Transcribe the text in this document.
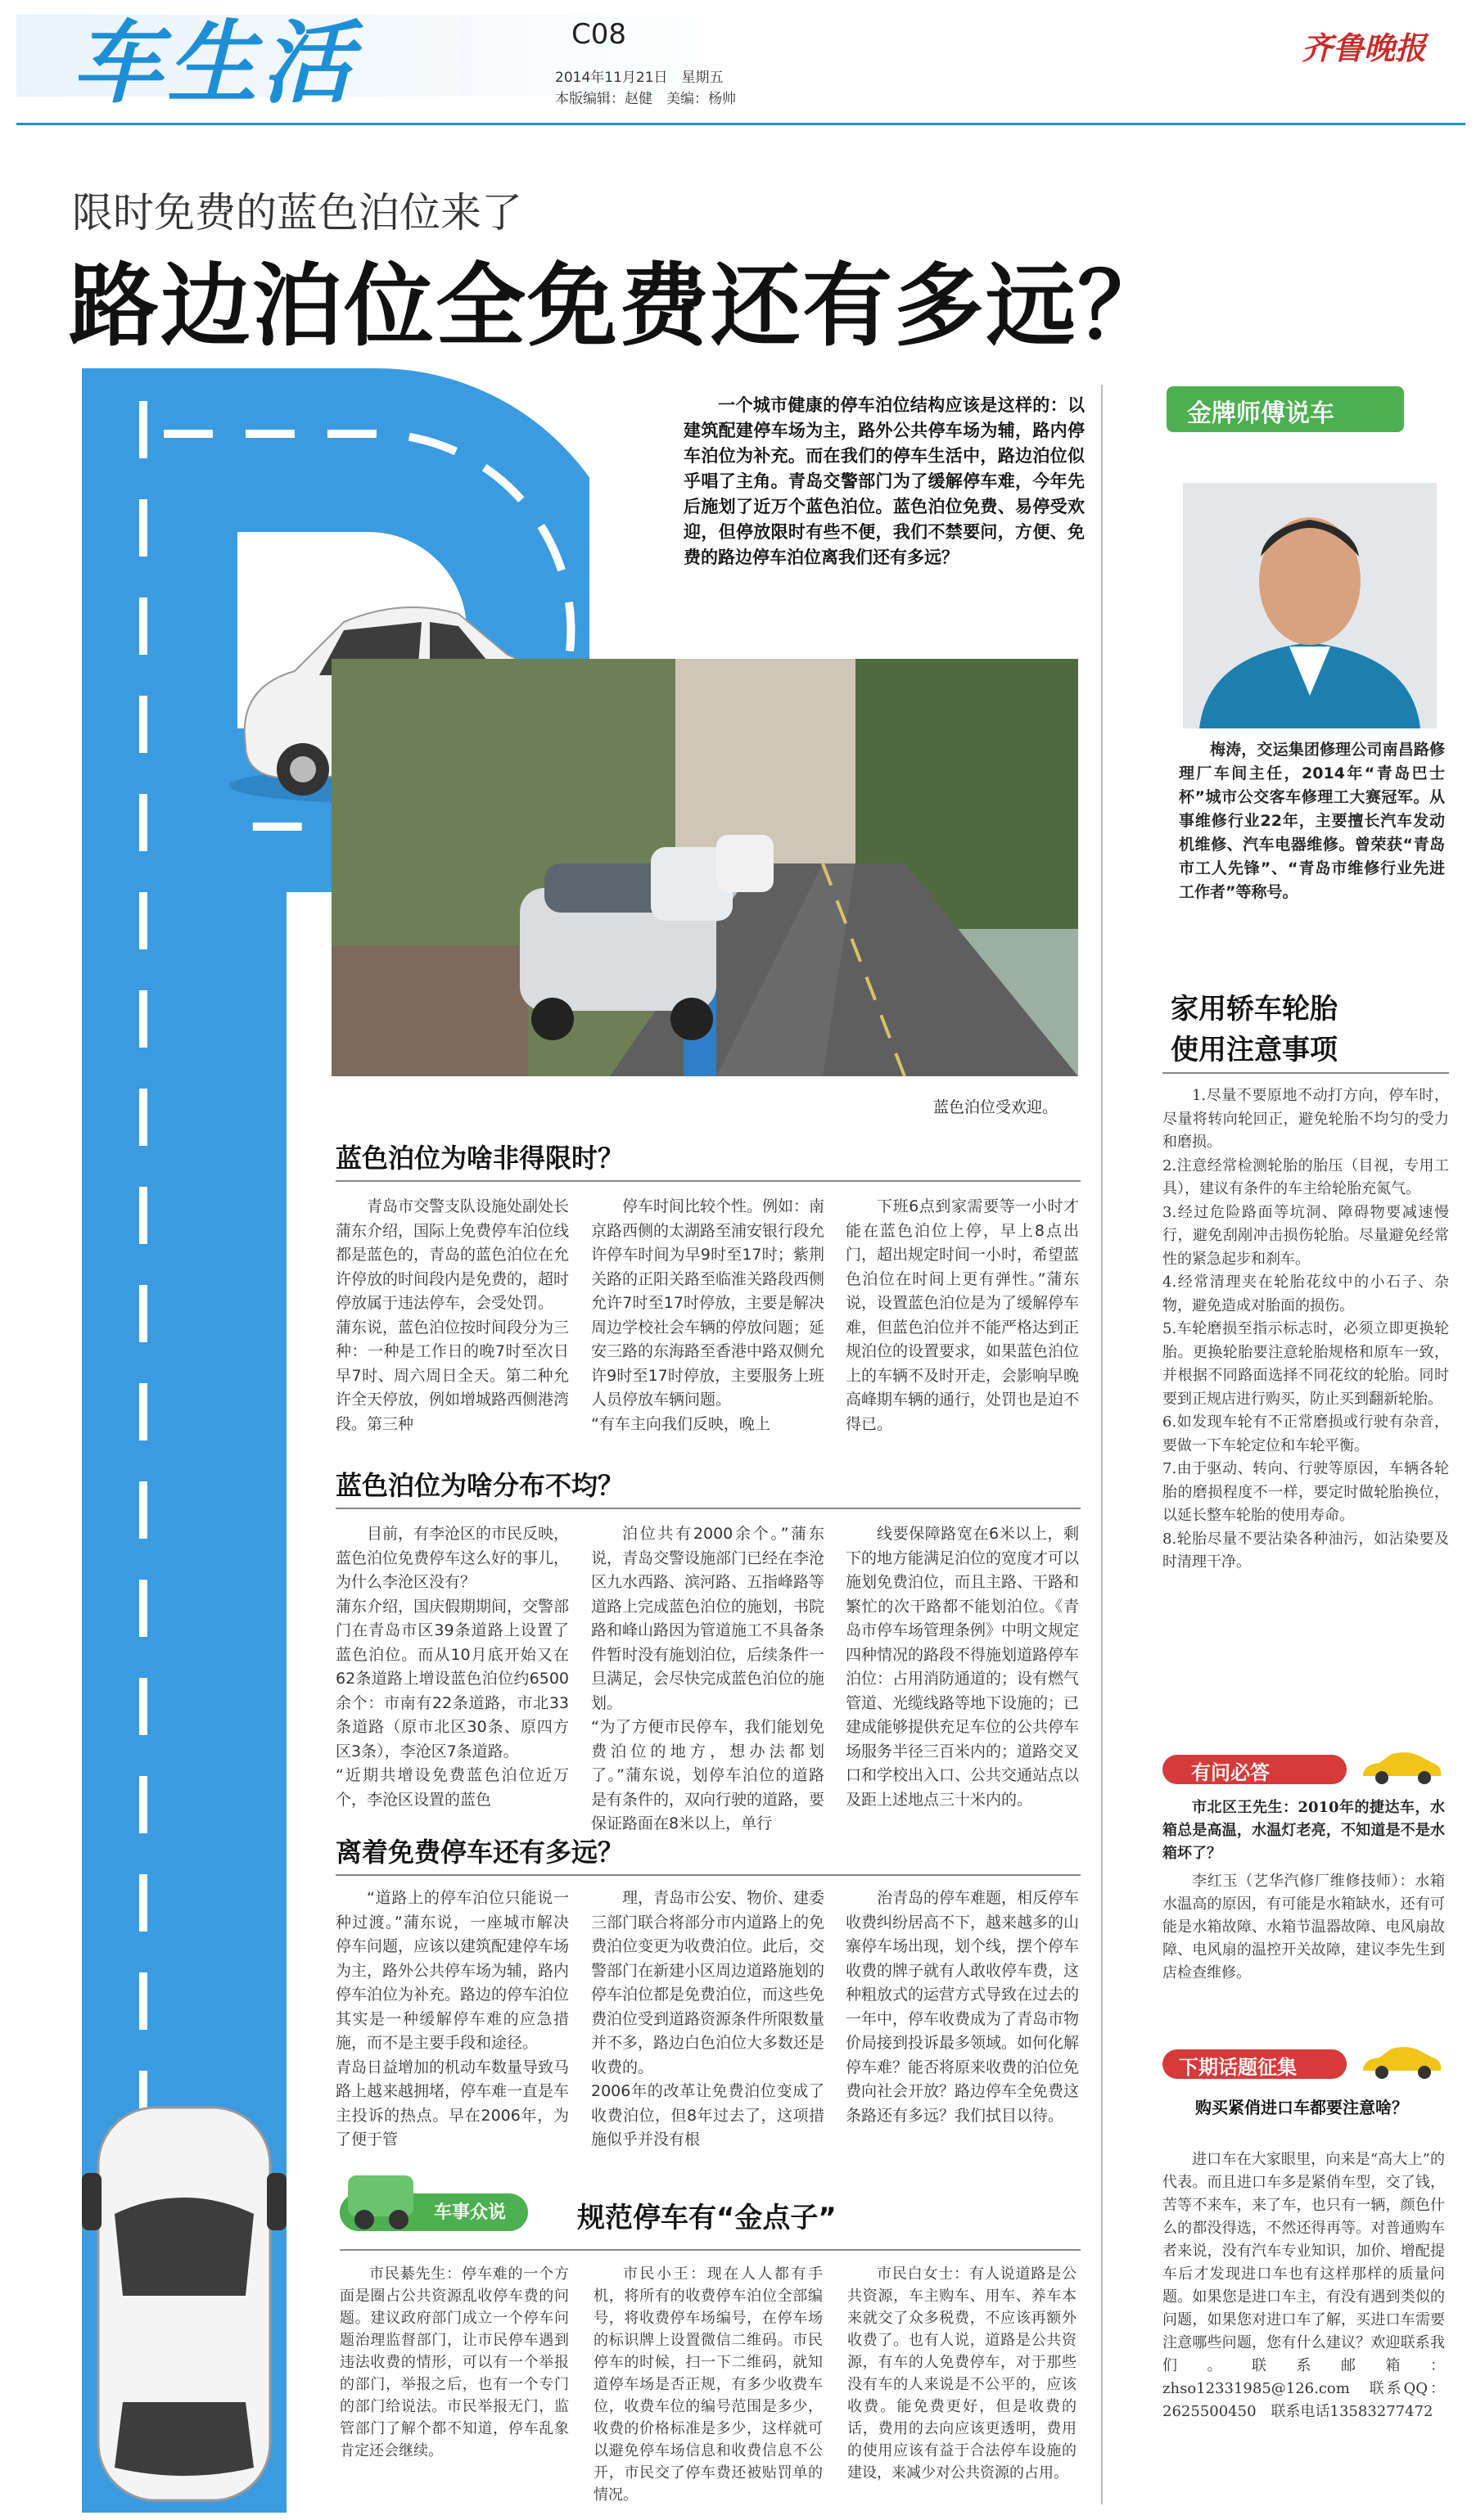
车生活	C08
2014年11月21日　星期五
本版编辑：赵健　美编：杨帅
齐鲁晚报
限时免费的蓝色泊位来了
路边泊位全免费还有多远？
一个城市健康的停车泊位结构应该是这样的：以建筑配建停车场为主，路外公共停车场为辅，路内停车泊位为补充。而在我们的停车生活中，路边泊位似乎唱了主角。青岛交警部门为了缓解停车难，今年先后施划了近万个蓝色泊位。蓝色泊位免费、易停受欢迎，但停放限时有些不便，我们不禁要问，方便、免费的路边停车泊位离我们还有多远？
蓝色泊位受欢迎。
蓝色泊位为啥非得限时？
青岛市交警支队设施处副处长蒲东介绍，国际上免费停车泊位线都是蓝色的，青岛的蓝色泊位在允许停放的时间段内是免费的，超时停放属于违法停车，会受处罚。
蒲东说，蓝色泊位按时间段分为三种：一种是工作日的晚7时至次日早7时、周六周日全天。第二种允许全天停放，例如增城路西侧港湾段。第三种
停车时间比较个性。例如：南京路西侧的太湖路至浦安银行段允许停车时间为早9时至17时；紫荆关路的正阳关路至临淮关路段西侧允许7时至17时停放，主要是解决周边学校社会车辆的停放问题；延安三路的东海路至香港中路双侧允许9时至17时停放，主要服务上班人员停放车辆问题。
“有车主向我们反映，晚上
下班6点到家需要等一小时才能在蓝色泊位上停，早上8点出门，超出规定时间一小时，希望蓝色泊位在时间上更有弹性。”蒲东说，设置蓝色泊位是为了缓解停车难，但蓝色泊位并不能严格达到正规泊位的设置要求，如果蓝色泊位上的车辆不及时开走，会影响早晚高峰期车辆的通行，处罚也是迫不得已。
蓝色泊位为啥分布不均？
目前，有李沧区的市民反映，蓝色泊位免费停车这么好的事儿，为什么李沧区没有？
蒲东介绍，国庆假期期间，交警部门在青岛市区39条道路上设置了蓝色泊位。而从10月底开始又在62条道路上增设蓝色泊位约6500余个：市南有22条道路，市北33条道路（原市北区30条、原四方区3条），李沧区7条道路。
“近期共增设免费蓝色泊位近万个，李沧区设置的蓝色
泊位共有2000余个。”蒲东说，青岛交警设施部门已经在李沧区九水西路、滨河路、五指峰路等道路上完成蓝色泊位的施划，书院路和峰山路因为管道施工不具备条件暂时没有施划泊位，后续条件一旦满足，会尽快完成蓝色泊位的施划。
“为了方便市民停车，我们能划免费泊位的地方，想办法都划了。”蒲东说，划停车泊位的道路是有条件的，双向行驶的道路，要保证路面在8米以上，单行
线要保障路宽在6米以上，剩下的地方能满足泊位的宽度才可以施划免费泊位，而且主路、干路和繁忙的次干路都不能划泊位。《青岛市停车场管理条例》中明文规定四种情况的路段不得施划道路停车泊位：占用消防通道的；设有燃气管道、光缆线路等地下设施的；已建成能够提供充足车位的公共停车场服务半径三百米内的；道路交叉口和学校出入口、公共交通站点以及距上述地点三十米内的。
离着免费停车还有多远？
“道路上的停车泊位只能说一种过渡。”蒲东说，一座城市解决停车问题，应该以建筑配建停车场为主，路外公共停车场为辅，路内停车泊位为补充。路边的停车泊位其实是一种缓解停车难的应急措施，而不是主要手段和途径。
青岛日益增加的机动车数量导致马路上越来越拥堵，停车难一直是车主投诉的热点。早在2006年，为了便于管
理，青岛市公安、物价、建委三部门联合将部分市内道路上的免费泊位变更为收费泊位。此后，交警部门在新建小区周边道路施划的停车泊位都是免费泊位，而这些免费泊位受到道路资源条件所限数量并不多，路边白色泊位大多数还是收费的。
2006年的改革让免费泊位变成了收费泊位，但8年过去了，这项措施似乎并没有根
治青岛的停车难题，相反停车收费纠纷居高不下，越来越多的山寨停车场出现，划个线，摆个停车收费的牌子就有人敢收停车费，这种粗放式的运营方式导致在过去的一年中，停车收费成为了青岛市物价局接到投诉最多领域。如何化解停车难？能否将原来收费的泊位免费向社会开放？路边停车全免费这条路还有多远？我们拭目以待。
车事众说	规范停车有“金点子”
市民綦先生：停车难的一个方面是圈占公共资源乱收停车费的问题。建议政府部门成立一个停车问题治理监督部门，让市民停车遇到违法收费的情形，可以有一个举报的部门，举报之后，也有一个专门的部门给说法。市民举报无门，监管部门了解个都不知道，停车乱象肯定还会继续。
市民小王：现在人人都有手机，将所有的收费停车泊位全部编号，将收费停车场编号，在停车场的标识牌上设置微信二维码。市民停车的时候，扫一下二维码，就知道停车场是否正规，有多少收费车位，收费车位的编号范围是多少，收费的价格标准是多少，这样就可以避免停车场信息和收费信息不公开，市民交了停车费还被贴罚单的情况。
市民白女士：有人说道路是公共资源，车主购车、用车、养车本来就交了众多税费，不应该再额外收费了。也有人说，道路是公共资源，有车的人免费停车，对于那些没有车的人来说是不公平的，应该收费。能免费更好，但是收费的话，费用的去向应该更透明，费用的使用应该有益于合法停车设施的建设，来减少对公共资源的占用。
金牌师傅说车
梅涛，交运集团修理公司南昌路修理厂车间主任，2014年“青岛巴士杯”城市公交客车修理工大赛冠军。从事维修行业22年，主要擅长汽车发动机维修、汽车电器维修。曾荣获“青岛市工人先锋”、“青岛市维修行业先进工作者”等称号。
家用轿车轮胎
使用注意事项
1.尽量不要原地不动打方向，停车时，尽量将转向轮回正，避免轮胎不均匀的受力和磨损。
2.注意经常检测轮胎的胎压（目视，专用工具），建议有条件的车主给轮胎充氮气。
3.经过危险路面等坑洞、障碍物要减速慢行，避免刮剐冲击损伤轮胎。尽量避免经常性的紧急起步和刹车。
4.经常清理夹在轮胎花纹中的小石子、杂物，避免造成对胎面的损伤。
5.车轮磨损至指示标志时，必须立即更换轮胎。更换轮胎要注意轮胎规格和原车一致，并根据不同路面选择不同花纹的轮胎。同时要到正规店进行购买，防止买到翻新轮胎。
6.如发现车轮有不正常磨损或行驶有杂音，要做一下车轮定位和车轮平衡。
7.由于驱动、转向、行驶等原因，车辆各轮胎的磨损程度不一样，要定时做轮胎换位，以延长整车轮胎的使用寿命。
8.轮胎尽量不要沾染各种油污，如沾染要及时清理干净。
有问必答
市北区王先生：2010年的捷达车，水箱总是高温，水温灯老亮，不知道是不是水箱坏了？
李红玉（艺华汽修厂维修技师）：水箱水温高的原因，有可能是水箱缺水，还有可能是水箱故障、水箱节温器故障、电风扇故障、电风扇的温控开关故障，建议李先生到店检查维修。
下期话题征集
购买紧俏进口车都要注意啥？
进口车在大家眼里，向来是“高大上”的代表。而且进口车多是紧俏车型，交了钱，苦等不来车，来了车，也只有一辆，颜色什么的都没得选，不然还得再等。对普通购车者来说，没有汽车专业知识，加价、增配提车后才发现进口车也有这样那样的质量问题。如果您是进口车主，有没有遇到类似的问题，如果您对进口车了解，买进口车需要注意哪些问题，您有什么建议？欢迎联系我们。联系邮箱：zhso12331985@126.com　联系QQ：2625500450　联系电话13583277472
